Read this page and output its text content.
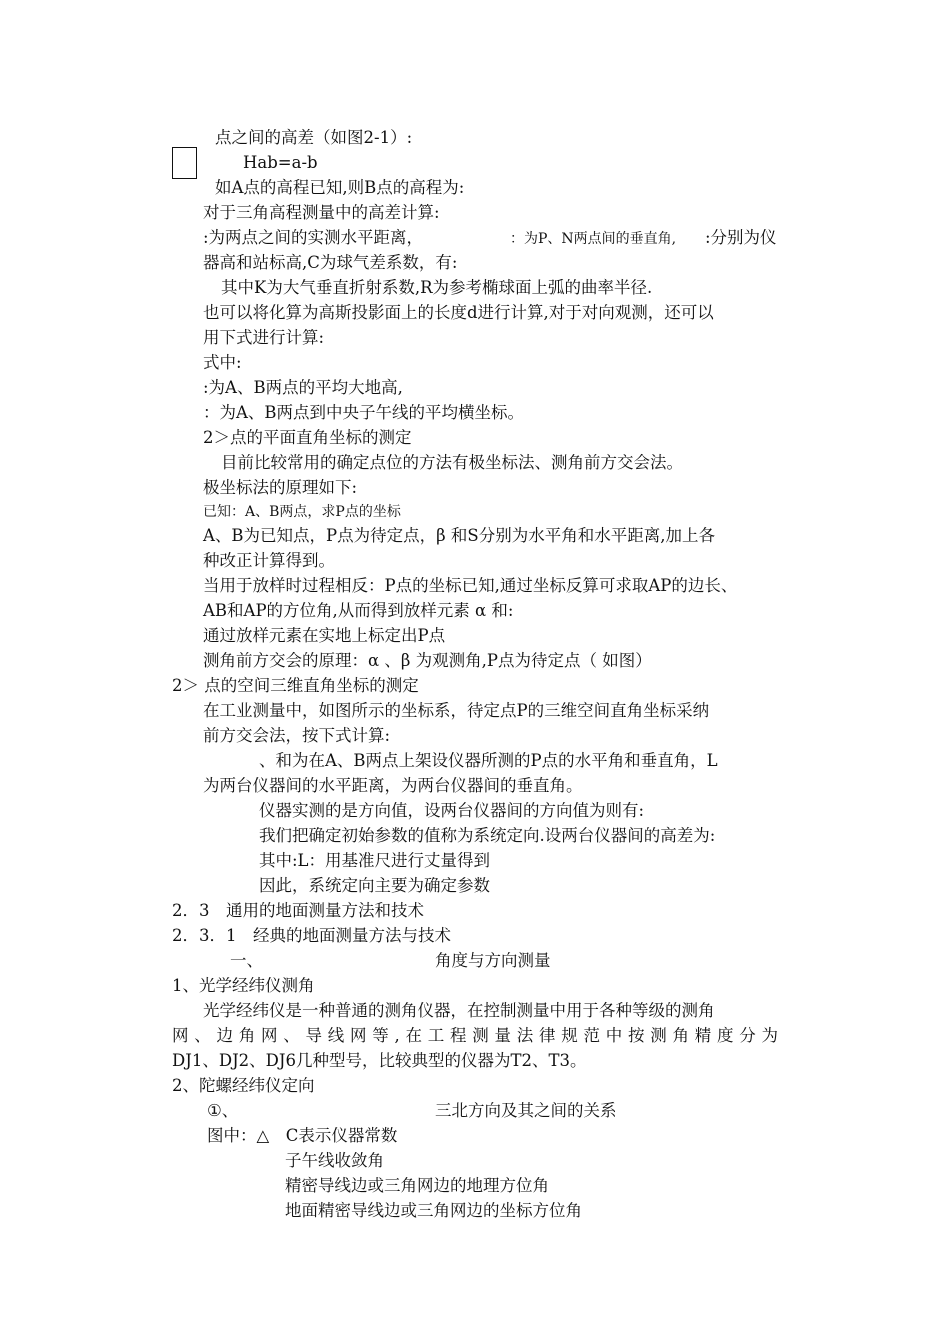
点之间的高差（如图2-1）:
Hab=a-b
如A点的高程已知,则B点的高程为:
对于三角高程测量中的高差计算:
:为两点之间的实测水平距离，	：为P、N两点间的垂直角, :分别为仪
器高和站标高,C为球气差系数，有:
其中K为大气垂直折射系数,R为参考椭球面上弧的曲率半径.
也可以将化算为高斯投影面上的长度d进行计算,对于对向观测，还可以
用下式进行计算:
式中:
:为A、B两点的平均大地高,
：为A、B两点到中央子午线的平均横坐标。
2＞点的平面直角坐标的测定
目前比较常用的确定点位的方法有极坐标法、测角前方交会法。
极坐标法的原理如下:
已知：A、B两点，求P点的坐标
A、B为已知点，P点为待定点，β 和S分别为水平角和水平距离,加上各
种改正计算得到。
当用于放样时过程相反：P点的坐标已知,通过坐标反算可求取AP的边长、
AB和AP的方位角,从而得到放样元素 α 和:
通过放样元素在实地上标定出P点
测角前方交会的原理：α 、β 为观测角,P点为待定点（ 如图）
2＞ 点的空间三维直角坐标的测定
在工业测量中，如图所示的坐标系，待定点P的三维空间直角坐标采纳
前方交会法，按下式计算:
、和为在A、B两点上架设仪器所测的P点的水平角和垂直角，L
为两台仪器间的水平距离，为两台仪器间的垂直角。
仪器实测的是方向值，设两台仪器间的方向值为则有:
我们把确定初始参数的值称为系统定向.设两台仪器间的高差为:
其中:L：用基准尺进行丈量得到
因此，系统定向主要为确定参数
2．3　通用的地面测量方法和技术
2．3．1　经典的地面测量方法与技术
一、	角度与方向测量
1、光学经纬仪测角
光学经纬仪是一种普通的测角仪器，在控制测量中用于各种等级的测角
网 、 边 角 网 、 导 线 网 等 , 在 工 程 测 量 法 律 规 范 中 按 测 角 精 度 分 为
DJ1、DJ2、DJ6几种型号，比较典型的仪器为T2、T3。
2、陀螺经纬仪定向
①、	三北方向及其之间的关系
图中：△　C表示仪器常数
子午线收敛角
精密导线边或三角网边的地理方位角
地面精密导线边或三角网边的坐标方位角
